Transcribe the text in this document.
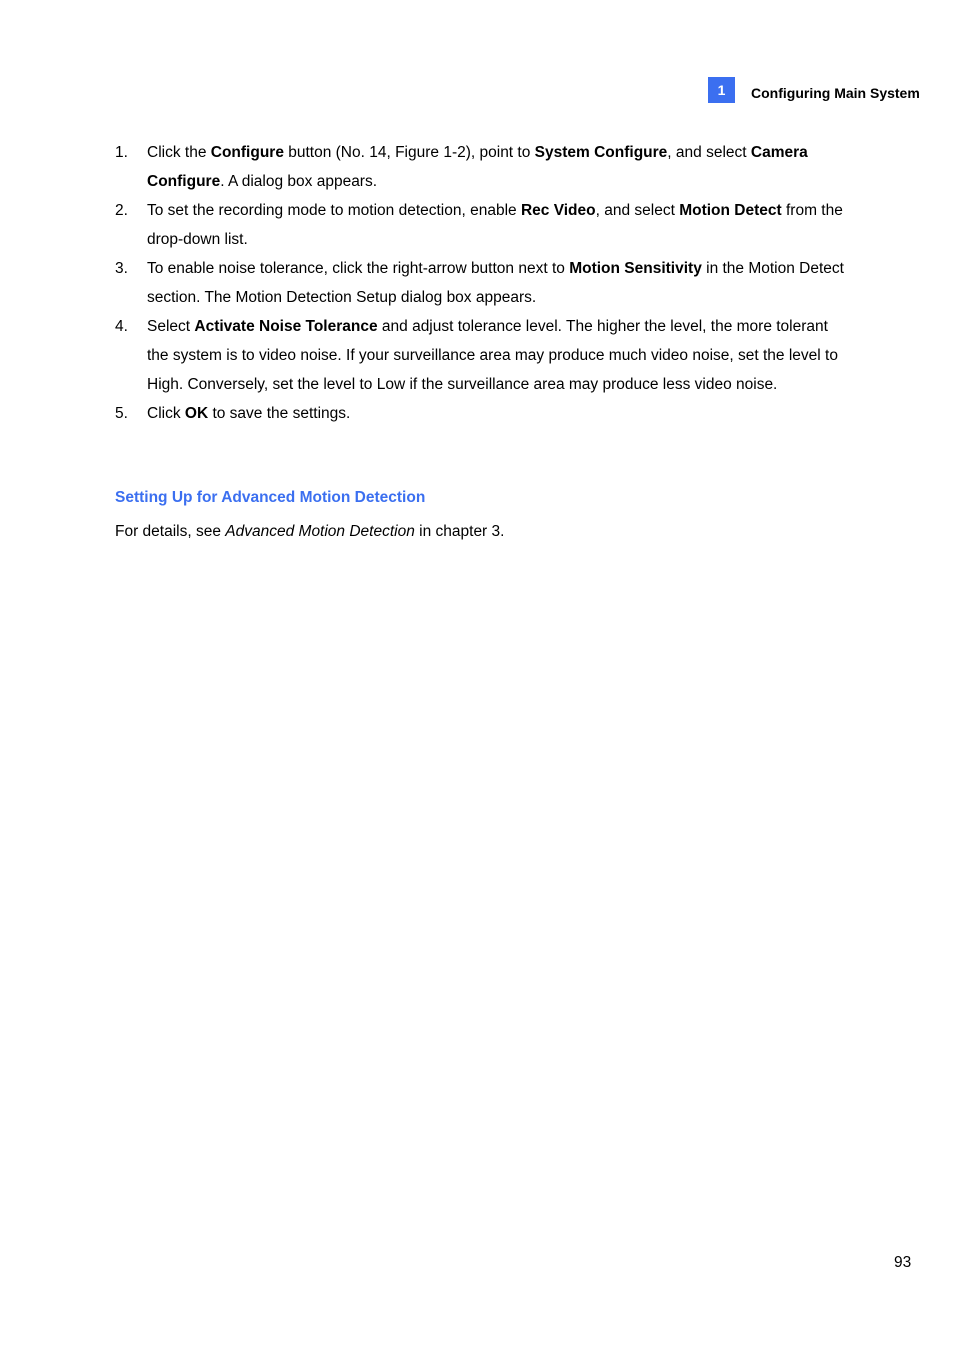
1	Configuring Main System
1. Click the Configure button (No. 14, Figure 1-2), point to System Configure, and select Camera Configure. A dialog box appears.
2. To set the recording mode to motion detection, enable Rec Video, and select Motion Detect from the drop-down list.
3. To enable noise tolerance, click the right-arrow button next to Motion Sensitivity in the Motion Detect section. The Motion Detection Setup dialog box appears.
4. Select Activate Noise Tolerance and adjust tolerance level. The higher the level, the more tolerant the system is to video noise. If your surveillance area may produce much video noise, set the level to High. Conversely, set the level to Low if the surveillance area may produce less video noise.
5. Click OK to save the settings.
Setting Up for Advanced Motion Detection
For details, see Advanced Motion Detection in chapter 3.
93
